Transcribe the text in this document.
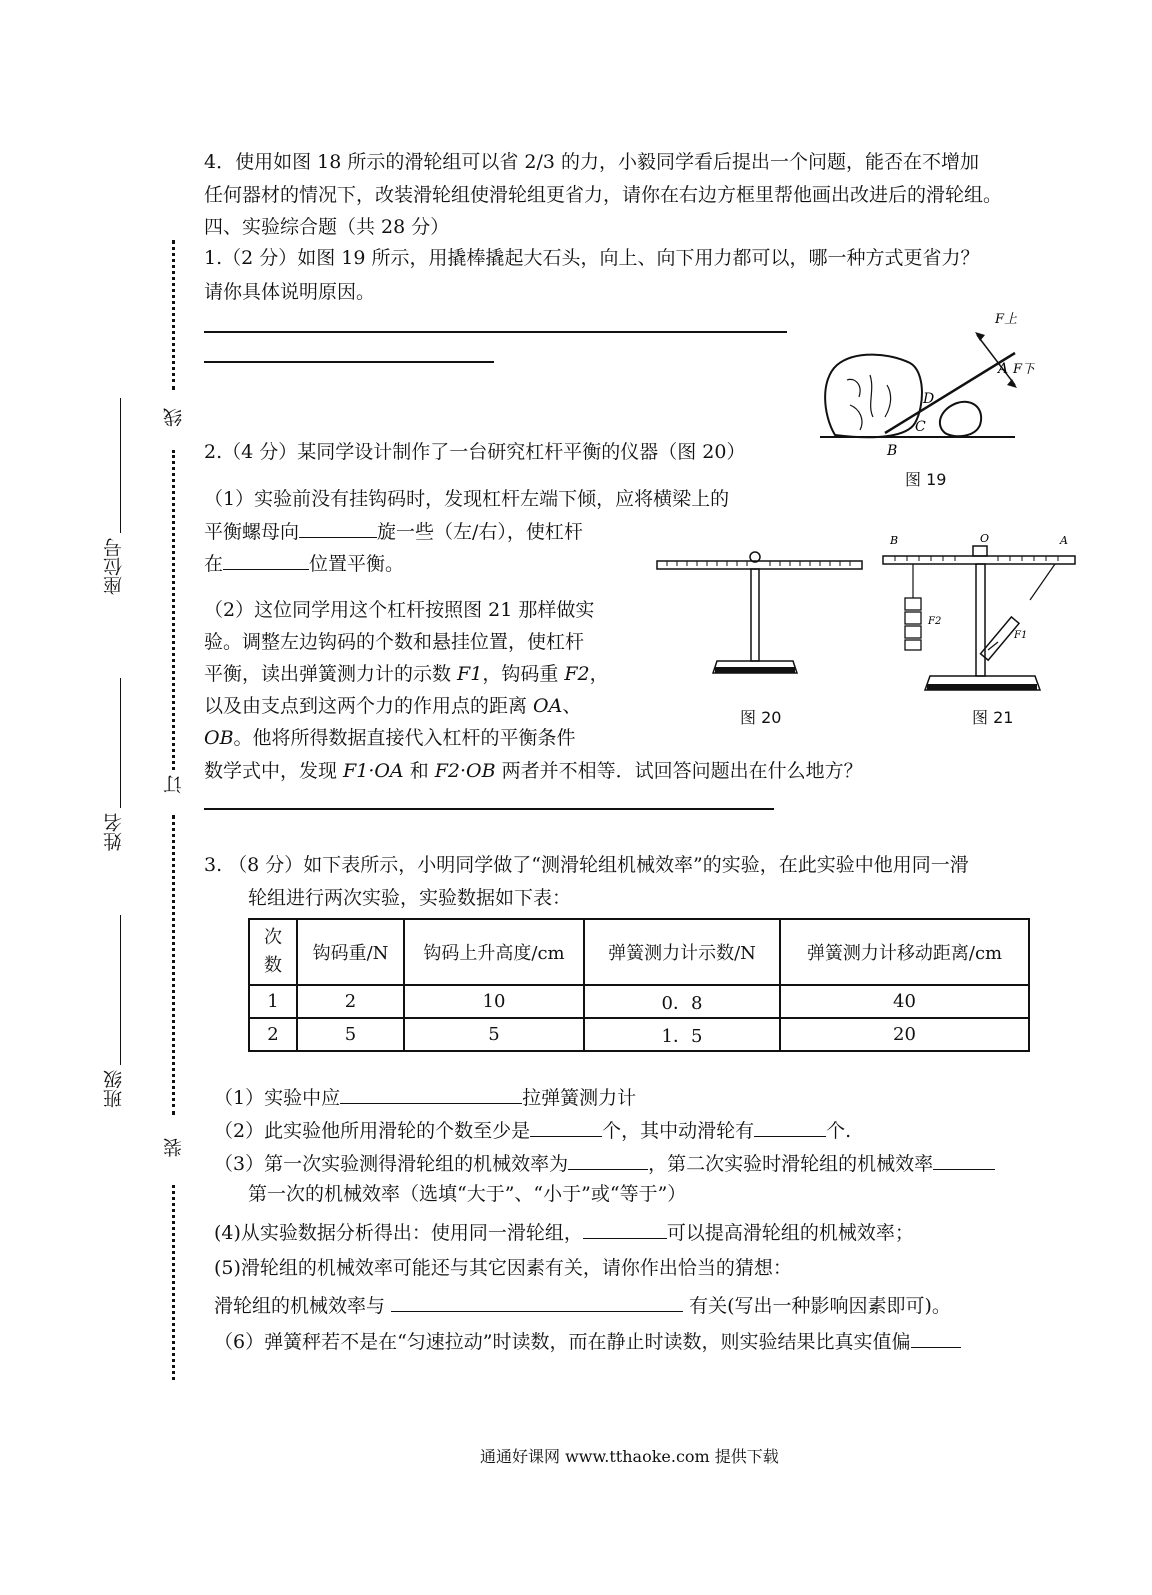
线
订
装
座位号
姓名
班级
4．使用如图 18 所示的滑轮组可以省 2/3 的力，小毅同学看后提出一个问题，能否在不增加
任何器材的情况下，改装滑轮组使滑轮组更省力，请你在右边方框里帮他画出改进后的滑轮组。
四、实验综合题（共 28 分）
1.（2 分）如图 19 所示，用撬棒撬起大石头，向上、向下用力都可以，哪一种方式更省力？
请你具体说明原因。
F上
F下
A
D
C
B
图 19
2.（4 分）某同学设计制作了一台研究杠杆平衡的仪器（图 20）
（1）实验前没有挂钩码时，发现杠杆左端下倾，应将横梁上的
平衡螺母向	旋一些（左/右），使杠杆
在	位置平衡。
（2）这位同学用这个杠杆按照图 21 那样做实
验。调整左边钩码的个数和悬挂位置，使杠杆
平衡，读出弹簧测力计的示数 F1，钩码重 F2，
以及由支点到这两个力的作用点的距离 OA、
OB。他将所得数据直接代入杠杆的平衡条件
数学式中，发现 F1·OA 和 F2·OB 两者并不相等．试回答问题出在什么地方？
图 20
B	O	A
F2
F1
图 21
3. （8 分）如下表所示，小明同学做了“测滑轮组机械效率”的实验，在此实验中他用同一滑
轮组进行两次实验，实验数据如下表：
次
数	钩码重/N	钩码上升高度/cm	弹簧测力计示数/N	弹簧测力计移动距离/cm
1	2	10	0．8	40
2	5	5	1．5	20
（1）实验中应	拉弹簧测力计
（2）此实验他所用滑轮的个数至少是	个，其中动滑轮有	个.
（3）第一次实验测得滑轮组的机械效率为	，第二次实验时滑轮组的机械效率
第一次的机械效率（选填“大于”、“小于”或“等于”）
(4)从实验数据分析得出：使用同一滑轮组，	可以提高滑轮组的机械效率；
(5)滑轮组的机械效率可能还与其它因素有关，请你作出恰当的猜想：
滑轮组的机械效率与	有关(写出一种影响因素即可)。
（6）弹簧秤若不是在“匀速拉动”时读数，而在静止时读数，则实验结果比真实值偏
通通好课网 www.tthaoke.com 提供下载
